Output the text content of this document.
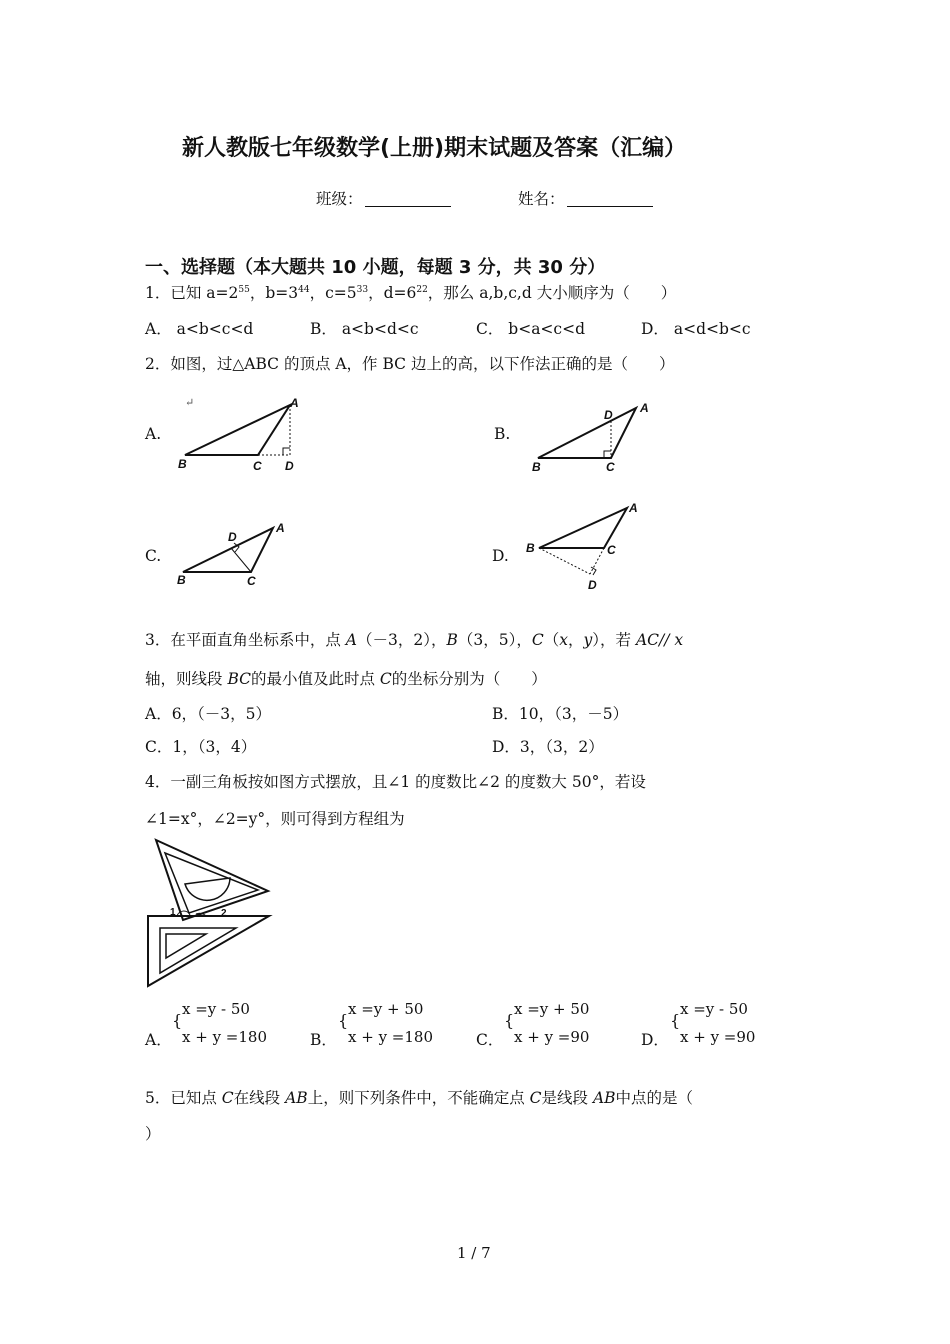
新人教版七年级数学(上册)期末试题及答案（汇编）
班级：	姓名：
一、选择题（本大题共 10 小题，每题 3 分，共 30 分）
1．已知 $a=2^{55}$，$b=3^{44}$，$c=5^{33}$，$d=6^{22}$，那么 a,b,c,d 大小顺序为（　　）
A． a<b<c<d	B． a<b<d<c	C． b<a<c<d	D． a<d<b<c
2．如图，过△ABC 的顶点 A，作 BC 边上的高，以下作法正确的是（　　）
A.
↵	A
B	C D
B.
A
B	C
D
C.
A
B	C
D
D.
A
B	C
D
3．在平面直角坐标系中，点 A（－3，2），B（3，5），C（x，y），若 AC// x
轴，则线段 BC的最小值及此时点 C的坐标分别为（　　）
A．6，（－3，5）	B．10，（3，－5）
C．1，（3，4）	D．3，（3，2）
4．一副三角板按如图方式摆放，且∠1 的度数比∠2 的度数大 50°，若设
∠1=x°，∠2=y°，则可得到方程组为
1	2
A．
{
x =y - 50
x + y =180	B．
{
x =y + 50
x + y =180	C．
{
x =y + 50
x + y =90	D．
{
x =y - 50
x + y =90
5．已知点 C在线段 AB上，则下列条件中，不能确定点 C是线段 AB中点的是（
）
1 / 7
